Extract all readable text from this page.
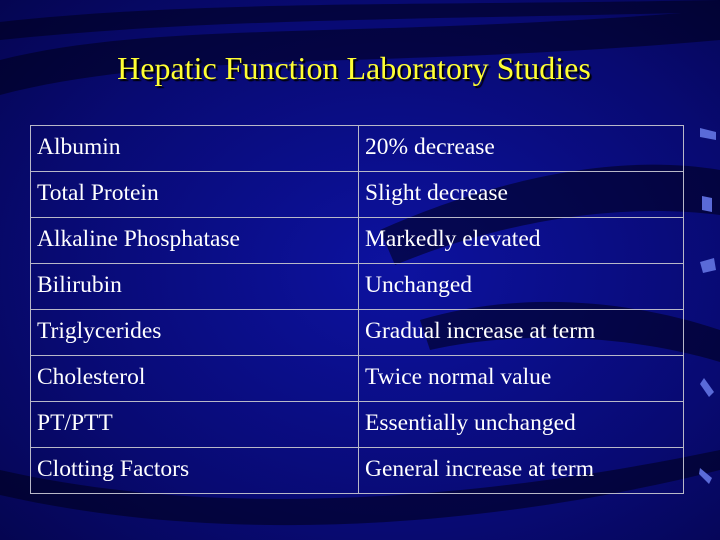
Hepatic Function Laboratory Studies
Albumin	20% decrease
Total Protein	Slight decrease
Alkaline Phosphatase	Markedly elevated
Bilirubin	Unchanged
Triglycerides	Gradual increase at term
Cholesterol	Twice normal value
PT/PTT	Essentially unchanged
Clotting Factors	General increase at term
